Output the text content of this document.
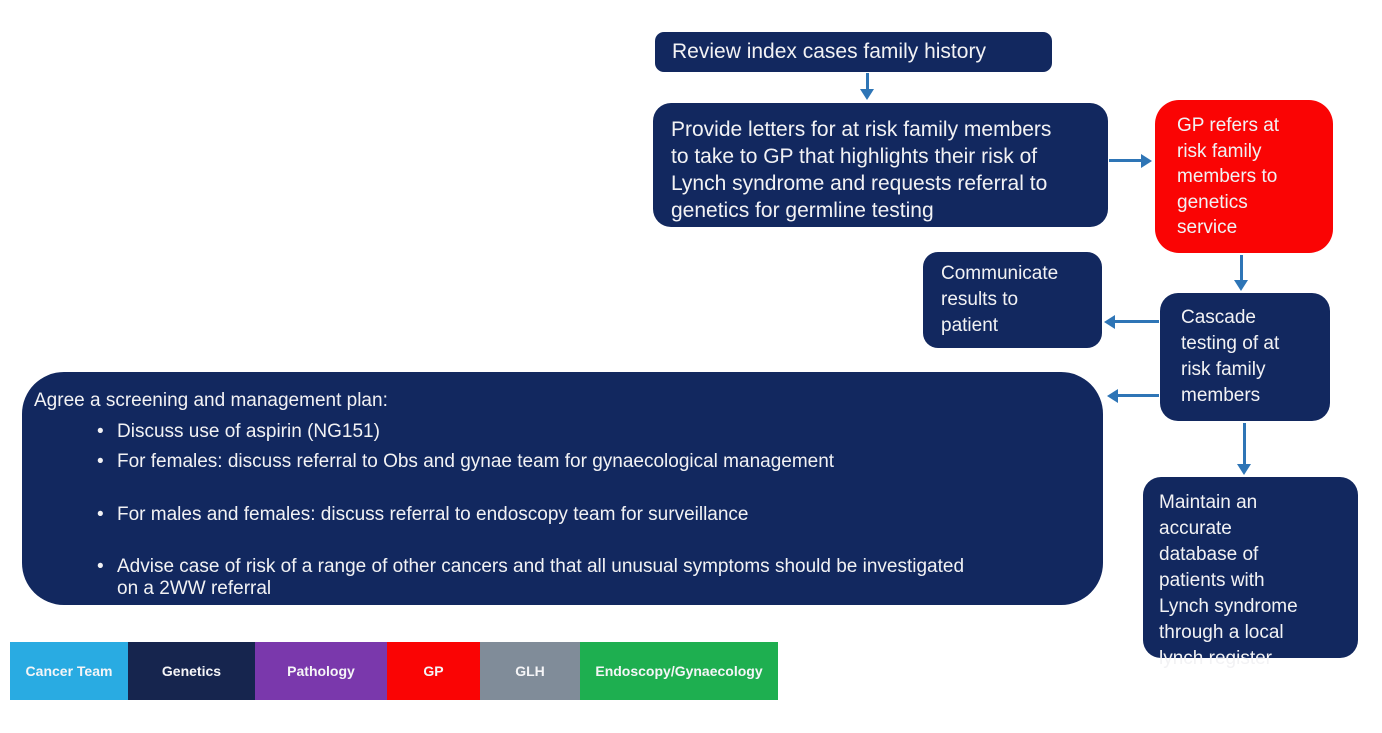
Review index cases family history
Provide letters for at risk family members
to take to GP that highlights their risk of
Lynch syndrome and requests referral to
genetics for germline testing
GP refers at
risk family
members to
genetics
service
Communicate
results to
patient	Cascade
testing of at
risk family
members
Agree a screening and management plan:
• Discuss use of aspirin (NG151)
• For females: discuss referral to Obs and gynae team for gynaecological management
• For males and females: discuss referral to endoscopy team for surveillance
• Advise case of risk of a range of other cancers and that all unusual symptoms should be investigated on a 2WW referral
Maintain an
accurate
database of
patients with
Lynch syndrome
through a local
lynch register
Cancer Team	Genetics	Pathology	GP	GLH	Endoscopy/Gynaecology
